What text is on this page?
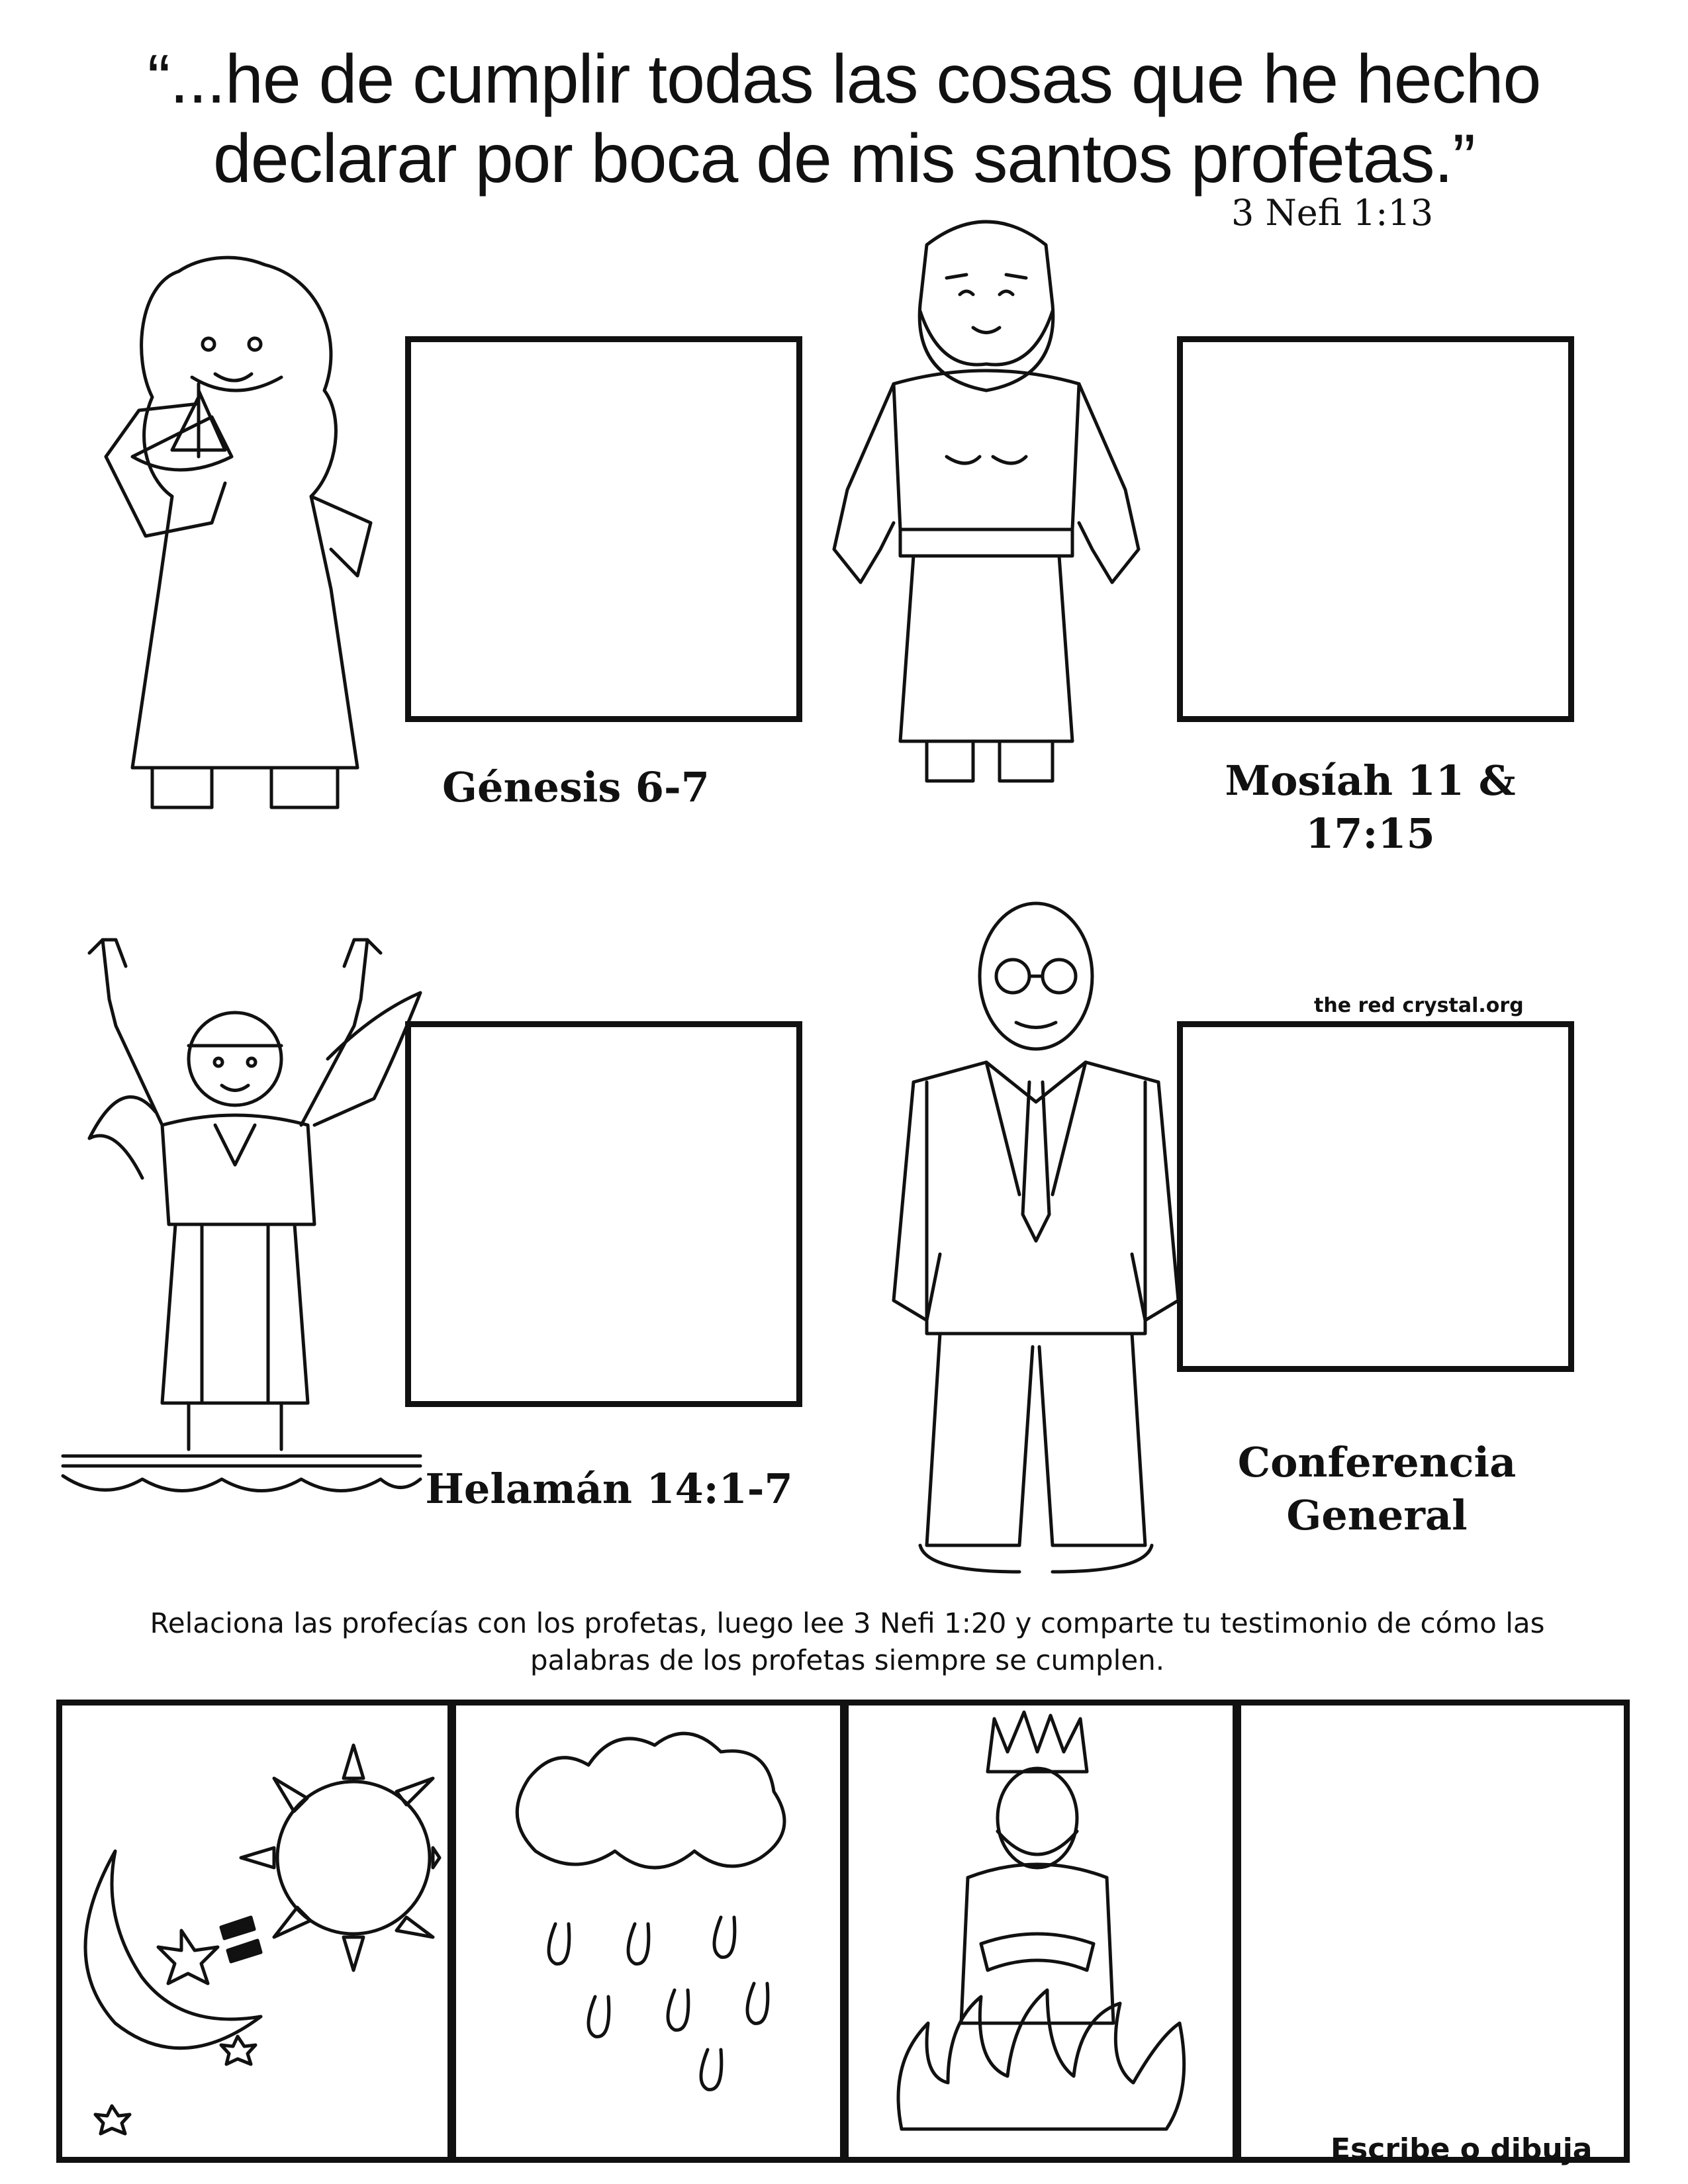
“...he de cumplir todas las cosas que he hecho declarar por boca de mis santos profetas.”
3 Nefi 1:13
Génesis 6-7	Mosíah 11 & 17:15
Helamán 14:1-7
the red crystal.org
Conferencia General
Relaciona las profecías con los profetas, luego lee 3 Nefi 1:20 y comparte tu testimonio de cómo las palabras de los profetas siempre se cumplen.
Escribe o dibuja
